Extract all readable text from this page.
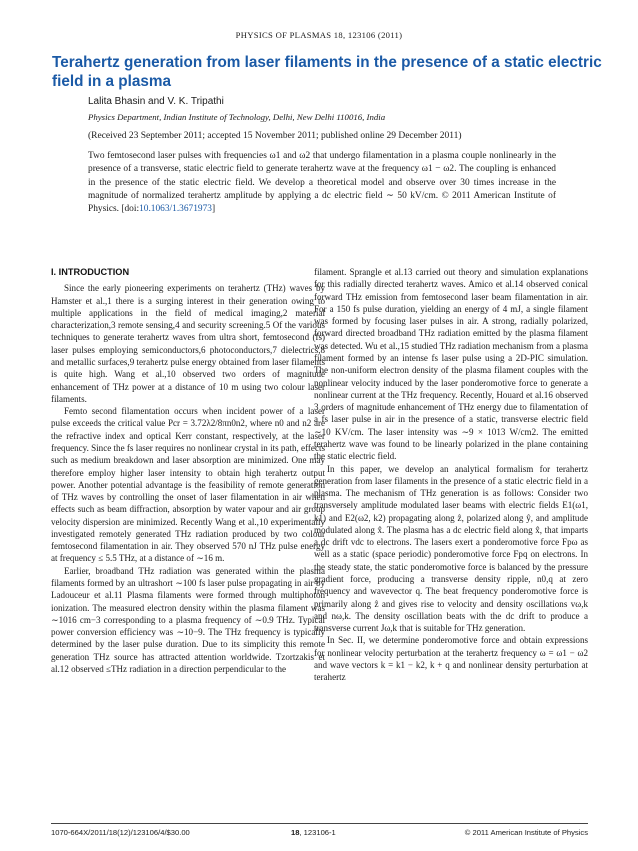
PHYSICS OF PLASMAS 18, 123106 (2011)
Terahertz generation from laser filaments in the presence of a static electric field in a plasma
Lalita Bhasin and V. K. Tripathi
Physics Department, Indian Institute of Technology, Delhi, New Delhi 110016, India
(Received 23 September 2011; accepted 15 November 2011; published online 29 December 2011)
Two femtosecond laser pulses with frequencies ω1 and ω2 that undergo filamentation in a plasma couple nonlinearly in the presence of a transverse, static electric field to generate terahertz wave at the frequency ω1 − ω2. The coupling is enhanced in the presence of the static electric field. We develop a theoretical model and observe over 30 times increase in the magnitude of normalized terahertz amplitude by applying a dc electric field ∼ 50 kV/cm. © 2011 American Institute of Physics. [doi:10.1063/1.3671973]
I. INTRODUCTION

Since the early pioneering experiments on terahertz (THz) waves by Hamster et al.,1 there is a surging interest in their generation owing to multiple applications in the field of medical imaging,2 material characterization,3 remote sensing,4 and security screening.5 Of the various techniques to generate terahertz waves from ultra short, femtosecond (fs) laser pulses employing semiconductors,6 photoconductors,7 dielectrics,8 and metallic surfaces,9 terahertz pulse energy obtained from laser filaments is quite high. Wang et al.,10 observed two orders of magnitude enhancement of THz power at a distance of 10 m using two colour laser filaments.

Femto second filamentation occurs when incident power of a laser pulse exceeds the critical value Pcr = 3.72λ2/8πn0n2, where n0 and n2 are the refractive index and optical Kerr constant, respectively, at the laser frequency. Since the fs laser requires no nonlinear crystal in its path, effects such as medium breakdown and laser absorption are minimized. One may therefore employ higher laser intensity to obtain high terahertz output power. Another potential advantage is the feasibility of remote generation of THz waves by controlling the onset of laser filamentation in air when effects such as beam diffraction, absorption by water vapour and air group velocity dispersion are minimized. Recently Wang et al.,10 experimentally investigated remotely generated THz radiation produced by two colour femtosecond filamentation in air. They observed 570 nJ THz pulse energy at frequency ≤ 5.5 THz, at a distance of ∼16 m.

Earlier, broadband THz radiation was generated within the plasma filaments formed by an ultrashort ∼100 fs laser pulse propagating in air by Ladouceur et al.11 Plasma filaments were formed through multiphoton ionization. The measured electron density within the plasma filament was ∼1016 cm−3 corresponding to a plasma frequency of ∼0.9 THz. Typical power conversion efficiency was ∼10−9. The THz frequency is typically determined by the laser pulse duration. Due to its simplicity this remote generation THz source has attracted attention worldwide. Tzortzakis et al.12 observed ≤THz radiation in a direction perpendicular to the

filament. Sprangle et al.13 carried out theory and simulation explanations for this radially directed terahertz waves. Amico et al.14 observed conical forward THz emission from femtosecond laser beam filamentation in air. For a 150 fs pulse duration, yielding an energy of 4 mJ, a single filament was formed by focusing laser pulses in air. A strong, radially polarized, forward directed broadband THz radiation emitted by the plasma filament was detected. Wu et al.,15 studied THz radiation mechanism from a plasma filament formed by an intense fs laser pulse using a 2D-PIC simulation. The non-uniform electron density of the plasma filament couples with the nonlinear velocity induced by the laser ponderomotive force to generate a nonlinear current at the THz frequency. Recently, Houard et al.16 observed 3 orders of magnitude enhancement of THz energy due to filamentation of a fs laser pulse in air in the presence of a static, transverse electric field ∼10 KV/cm. The laser intensity was ∼9 × 1013 W/cm2. The emitted terahertz wave was found to be linearly polarized in the plane containing the static electric field.

In this paper, we develop an analytical formalism for terahertz generation from laser filaments in the presence of a static electric field in a plasma. The mechanism of THz generation is as follows: Consider two transversely amplitude modulated laser beams with electric fields E1(ω1, k1) and E2(ω2, k2) propagating along ẑ, polarized along ŷ, and amplitude modulated along x̂. The plasma has a dc electric field along x̂, that imparts a dc drift vdc to electrons. The lasers exert a ponderomotive force Fpω as well as a static (space periodic) ponderomotive force Fpq on electrons. In the steady state, the static ponderomotive force is balanced by the pressure gradient force, producing a transverse density ripple, n0,q at zero frequency and wavevector q. The beat frequency ponderomotive force is primarily along ẑ and gives rise to velocity and density oscillations vω,k and nω,k. The density oscillation beats with the dc drift to produce a transverse current Jω,k that is suitable for THz generation.

In Sec. II, we determine ponderomotive force and obtain expressions for nonlinear velocity perturbation at the terahertz frequency ω = ω1 − ω2 and wave vectors k = k1 − k2, k + q and nonlinear density perturbation at terahertz

1070-664X/2011/18(12)/123106/4/$30.00	18, 123106-1	© 2011 American Institute of Physics
